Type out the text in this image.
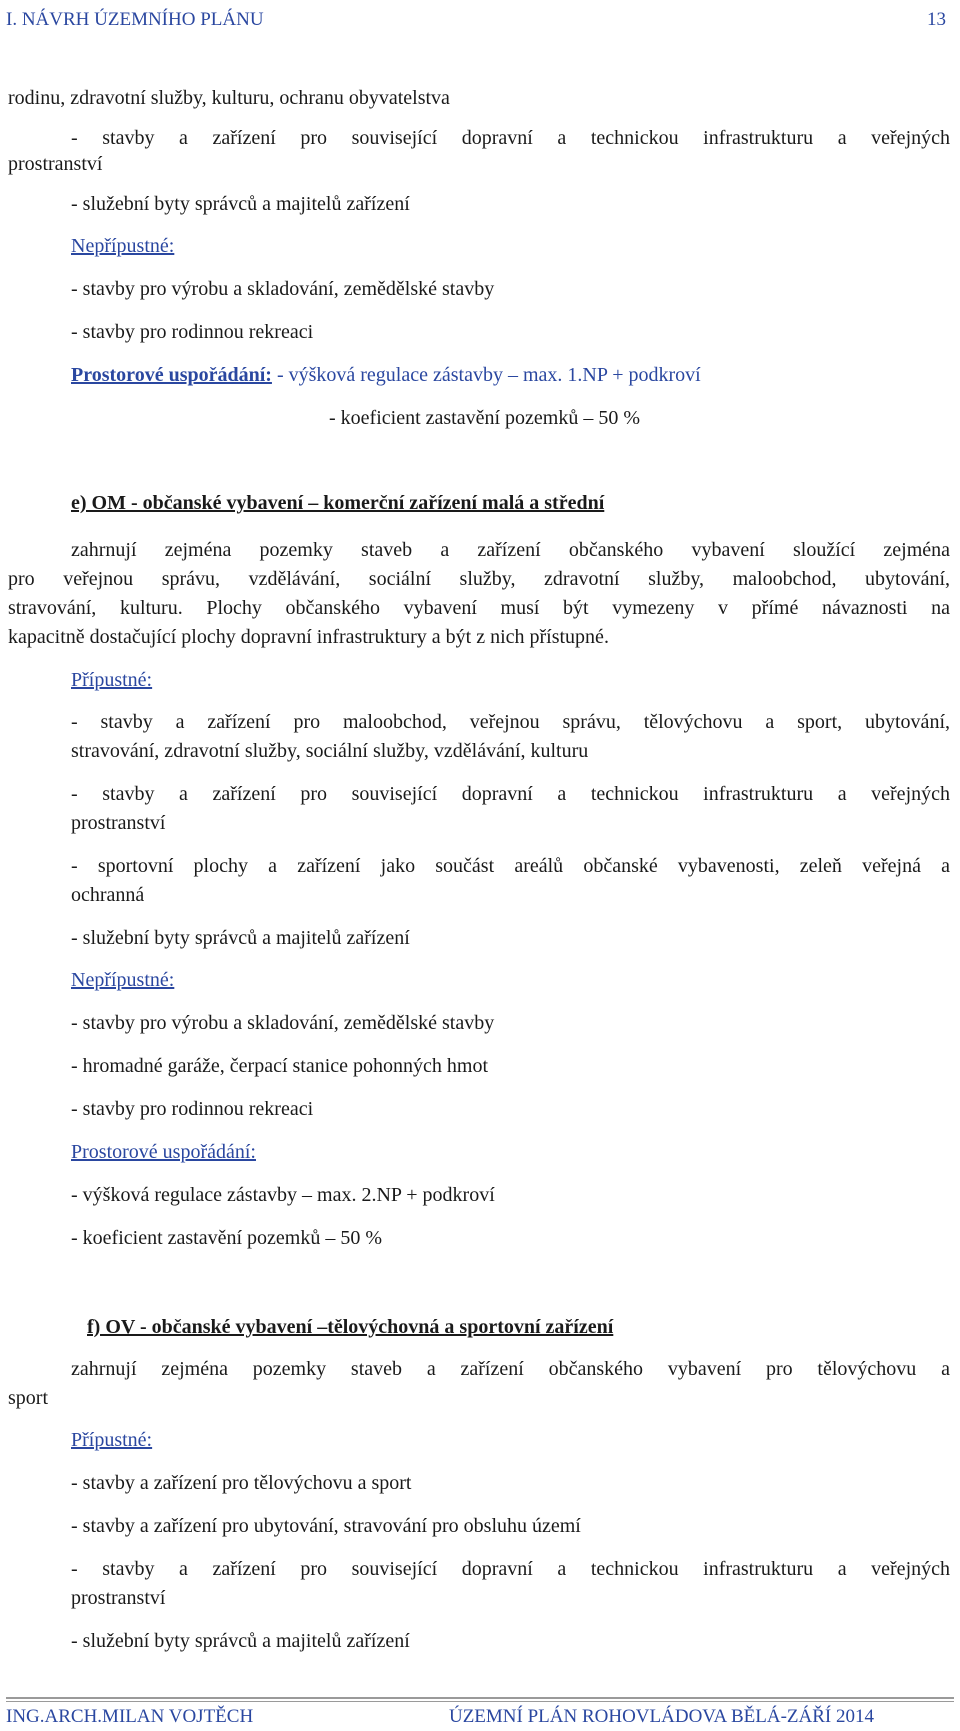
I. NÁVRH ÚZEMNÍHO PLÁNU	13
rodinu, zdravotní služby, kulturu, ochranu obyvatelstva
- stavby a zařízení pro související dopravní a technickou infrastrukturu a veřejných
prostranství
- služební byty správců a majitelů zařízení
Nepřípustné:
- stavby pro výrobu a skladování, zemědělské stavby
- stavby pro rodinnou rekreaci
Prostorové uspořádání: - výšková regulace zástavby – max. 1.NP + podkroví
- koeficient zastavění pozemků – 50 %
e) OM - občanské vybavení – komerční zařízení malá a střední
zahrnují zejména pozemky staveb a zařízení občanského vybavení sloužící zejména
pro veřejnou správu, vzdělávání, sociální služby, zdravotní služby, maloobchod, ubytování,
stravování, kulturu. Plochy občanského vybavení musí být vymezeny v přímé návaznosti na
kapacitně dostačující plochy dopravní infrastruktury a být z nich přístupné.
Přípustné:
- stavby a zařízení pro maloobchod, veřejnou správu, tělovýchovu a sport, ubytování,
stravování, zdravotní služby, sociální služby, vzdělávání, kulturu
- stavby a zařízení pro související dopravní a technickou infrastrukturu a veřejných
prostranství
- sportovní plochy a zařízení jako součást areálů občanské vybavenosti, zeleň veřejná a
ochranná
- služební byty správců a majitelů zařízení
Nepřípustné:
- stavby pro výrobu a skladování, zemědělské stavby
- hromadné garáže, čerpací stanice pohonných hmot
- stavby pro rodinnou rekreaci
Prostorové uspořádání:
- výšková regulace zástavby – max. 2.NP + podkroví
- koeficient zastavění pozemků – 50 %
f) OV - občanské vybavení –tělovýchovná a sportovní zařízení
zahrnují zejména pozemky staveb a zařízení občanského vybavení pro tělovýchovu a
sport
Přípustné:
- stavby a zařízení pro tělovýchovu a sport
- stavby a zařízení pro ubytování, stravování pro obsluhu území
- stavby a zařízení pro související dopravní a technickou infrastrukturu a veřejných
prostranství
- služební byty správců a majitelů zařízení
ING.ARCH.MILAN VOJTĚCH	ÚZEMNÍ PLÁN ROHOVLÁDOVA BĚLÁ-ZÁŘÍ 2014
